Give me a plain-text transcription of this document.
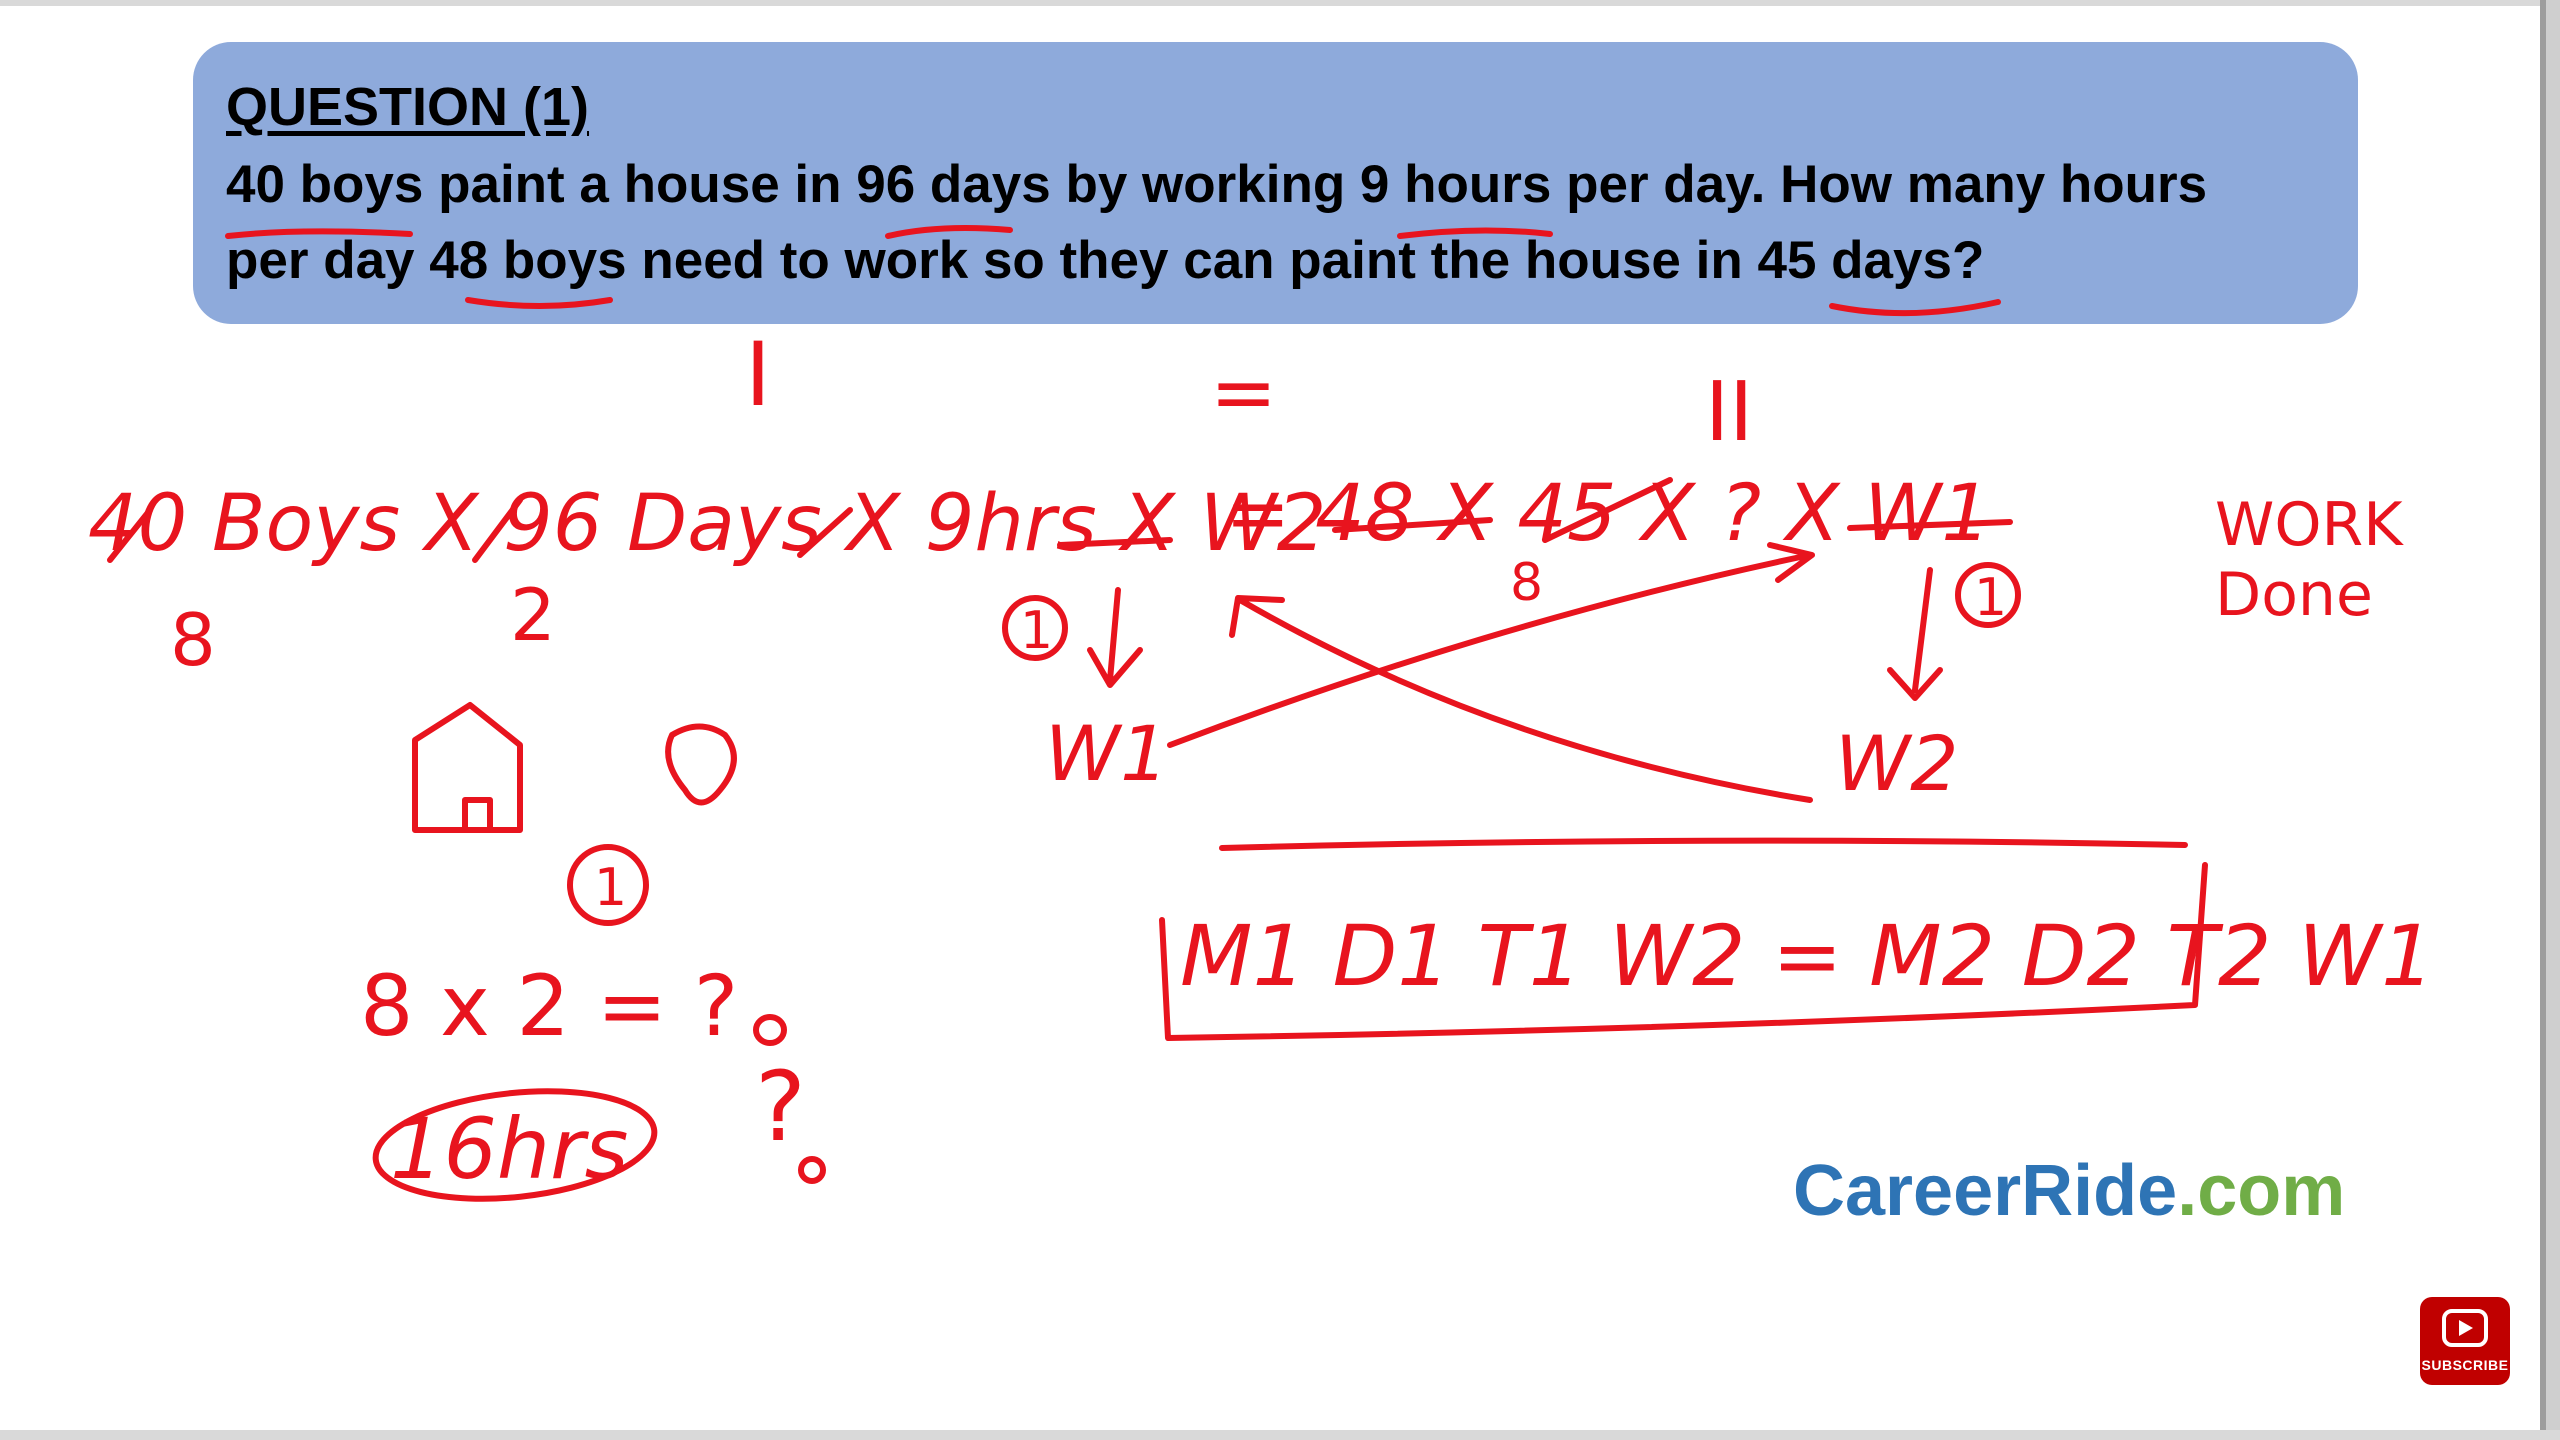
QUESTION (1)
40 boys paint a house in 96 days by working 9 hours per day. How many hours
per day 48 boys need to work so they can paint the house in 45 days?
I	=	II
40 Boys X 96 Days X 9hrs X W2
= 48 X 45 X ? X W1
8	2	8
1
1
W1	W2
WORK
Done
1
8 x 2 = ?
16hrs ?
M1 D1 T1 W2 = M2 D2 T2 W1
CareerRide.com
SUBSCRIBE
